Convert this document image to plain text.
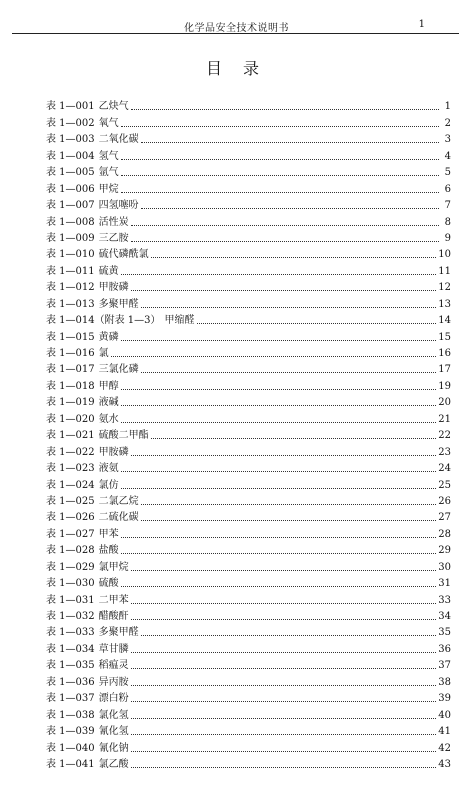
化学品安全技术说明书	1
目 录
表 1—001 乙炔气	1
表 1—002 氧气	2
表 1—003 二氧化碳	3
表 1—004 氢气	4
表 1—005 氩气	5
表 1—006 甲烷	6
表 1—007 四氢噻吩	7
表 1—008 活性炭	8
表 1—009 三乙胺	9
表 1—010 硫代磷酰氯	10
表 1—011 硫黄	11
表 1—012 甲胺磷	12
表 1—013 多聚甲醛	13
表 1—014（附表 1—3） 甲缩醛	14
表 1—015 黄磷	15
表 1—016 氯	16
表 1—017 三氯化磷	17
表 1—018 甲醇	19
表 1—019 液碱	20
表 1—020 氨水	21
表 1—021 硫酸二甲酯	22
表 1—022 甲胺磷	23
表 1—023 液氨	24
表 1—024 氯仿	25
表 1—025 二氯乙烷	26
表 1—026 二硫化碳	27
表 1—027 甲苯	28
表 1—028 盐酸	29
表 1—029 氯甲烷	30
表 1—030 硫酸	31
表 1—031 二甲苯	33
表 1—032 醋酸酐	34
表 1—033 多聚甲醛	35
表 1—034 草甘膦	36
表 1—035 稻瘟灵	37
表 1—036 异丙胺	38
表 1—037 漂白粉	39
表 1—038 氯化氢	40
表 1—039 氰化氢	41
表 1—040 氰化钠	42
表 1—041 氯乙酸	43
